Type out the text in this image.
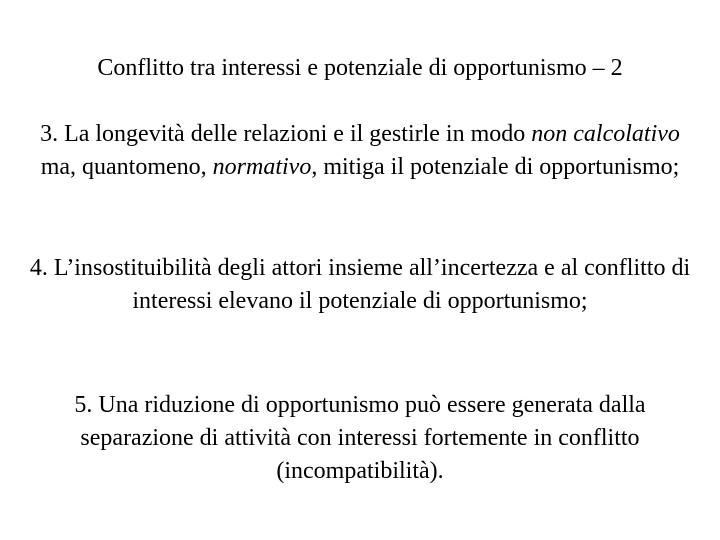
Conflitto tra interessi e potenziale di opportunismo – 2
3. La longevità delle relazioni e il gestirle in modo non calcolativo ma, quantomeno, normativo, mitiga il potenziale di opportunismo;
4. L’insostituibilità degli attori insieme all’incertezza e al conflitto di interessi elevano il potenziale di opportunismo;
5. Una riduzione di opportunismo può essere generata dalla separazione di attività con interessi fortemente in conflitto (incompatibilità).
